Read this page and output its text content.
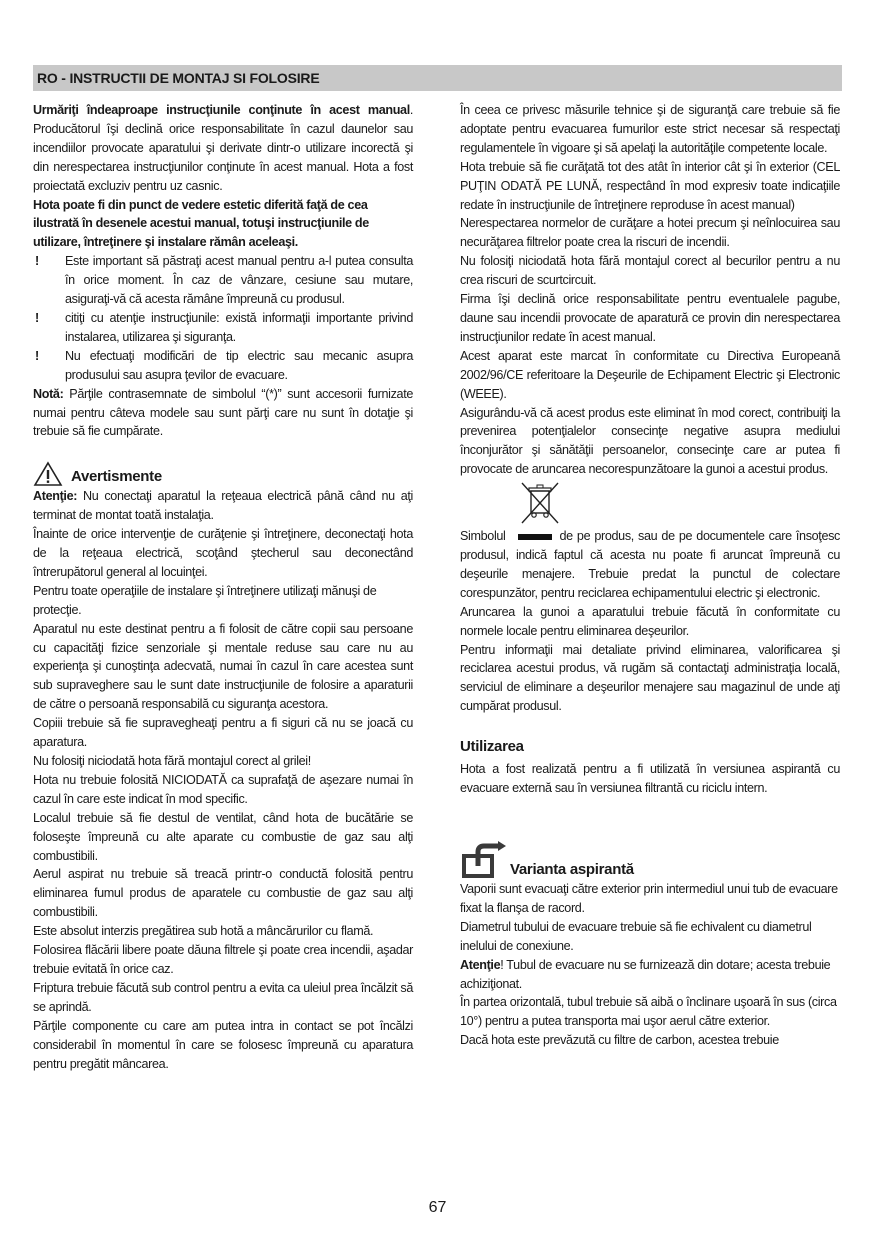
RO - INSTRUCTII DE MONTAJ SI FOLOSIRE

Urmăriţi îndeaproape instrucţiunile conţinute în acest manual. Producătorul îşi declină orice responsabilitate în cazul daunelor sau incendiilor provocate aparatului şi derivate dintr-o utilizare incorectă şi din nerespectarea instrucţiunilor conţinute în acest manual. Hota a fost proiectată excluziv pentru uz casnic.

Hota poate fi din punct de vedere estetic diferită faţă de cea ilustrată în desenele acestui manual, totuşi instrucţiunile de utilizare, întreţinere şi instalare rămân aceleaşi.

! Este important să păstraţi acest manual pentru a-l putea consulta în orice moment. În caz de vânzare, cesiune sau mutare, asiguraţi-vă că acesta rămâne împreună cu produsul.
! citiţi cu atenţie instrucţiunile: există informaţii importante privind instalarea, utilizarea şi siguranţa.
! Nu efectuaţi modificări de tip electric sau mecanic asupra produsului sau asupra ţevilor de evacuare.

Notă: Părţile contrasemnate de simbolul “(*)” sunt accesorii furnizate numai pentru câteva modele sau sunt părţi care nu sunt în dotaţie şi trebuie să fie cumpărate.

Avertismente

Atenţie: Nu conectaţi aparatul la reţeaua electrică până când nu aţi terminat de montat toată instalaţia.

Înainte de orice intervenţie de curăţenie şi întreţinere, deconectaţi hota de la reţeaua electrică, scoţând ştecherul sau deconectând întrerupătorul general al locuinţei.

Pentru toate operaţiile de instalare şi întreţinere utilizaţi mănuşi de protecţie.

Aparatul nu este destinat pentru a fi folosit de către copii sau persoane cu capacităţi fizice senzoriale şi mentale reduse sau care nu au experienţa şi cunoştinţa adecvată, numai în cazul în care acestea sunt sub supraveghere sau le sunt date instrucţiunile de folosire a aparaturii de către o persoană responsabilă cu siguranţa acestora.

Copiii trebuie să fie supravegheaţi pentru a fi siguri că nu se joacă cu aparatura.

Nu folosiţi niciodată hota fără montajul corect al grilei!

Hota nu trebuie folosită NICIODATĂ ca suprafaţă de aşezare numai în cazul în care este indicat în mod specific.

Localul trebuie să fie destul de ventilat, când hota de bucătărie se foloseşte împreună cu alte aparate cu combustie de gaz sau alţi combustibili.

Aerul aspirat nu trebuie să treacă printr-o conductă folosită pentru eliminarea fumul produs de aparatele cu combustie de gaz sau alţi combustibili.

Este absolut interzis pregătirea sub hotă a mâncărurilor cu flamă.

Folosirea flăcării libere poate dăuna filtrele şi poate crea incendii, aşadar trebuie evitată în orice caz.

Friptura trebuie făcută sub control pentru a evita ca uleiul prea încălzit să se aprindă.

Părţile componente cu care am putea intra in contact se pot încălzi considerabil în momentul în care se folosesc împreună cu aparatura pentru pregătit mâncarea.

În ceea ce privesc măsurile tehnice şi de siguranţă care trebuie să fie adoptate pentru evacuarea fumurilor este strict necesar să respectaţi regulamentele în vigoare şi să apelaţi la autorităţile competente locale.

Hota trebuie să fie curăţată tot des atât în interior cât şi în exterior (CEL PUŢIN ODATĂ PE LUNĂ, respectând în mod expresiv toate indicaţiile redate în instrucţiunile de întreţinere reproduse în acest manual)

Nerespectarea normelor de curăţare a hotei precum şi neînlocuirea sau necurăţarea filtrelor poate crea la riscuri de incendii.

Nu folosiţi niciodată hota fără montajul corect al becurilor pentru a nu crea riscuri de scurtcircuit.

Firma îşi declină orice responsabilitate pentru eventualele pagube, daune sau incendii provocate de aparatură ce provin din nerespectarea instrucţiunilor redate în acest manual.

Acest aparat este marcat în conformitate cu Directiva Europeană 2002/96/CE referitoare la Deşeurile de Echipament Electric şi Electronic (WEEE).

Asigurându-vă că acest produs este eliminat în mod corect, contribuiţi la prevenirea potenţialelor consecinţe negative asupra mediului înconjurător şi sănătăţii persoanelor, consecinţe care ar putea fi provocate de aruncarea necorespunzătoare la gunoi a acestui produs.

Simbolul	de pe produs, sau de pe documentele care însoţesc produsul, indică faptul că acesta nu poate fi aruncat împreună cu deşeurile menajere. Trebuie predat la punctul de colectare corespunzător, pentru reciclarea echipamentului electric şi electronic.

Aruncarea la gunoi a aparatului trebuie făcută în conformitate cu normele locale pentru eliminarea deşeurilor.

Pentru informaţii mai detaliate privind eliminarea, valorificarea şi reciclarea acestui produs, vă rugăm să contactaţi administraţia locală, serviciul de eliminare a deşeurilor menajere sau magazinul de unde aţi cumpărat produsul.

Utilizarea

Hota a fost realizată pentru a fi utilizată în versiunea aspirantă cu evacuare externă sau în versiunea filtrantă cu riciclu intern.

Varianta aspirantă

Vaporii sunt evacuaţi către exterior prin intermediul unui tub de evacuare fixat la flanşa de racord.

Diametrul tubului de evacuare trebuie să fie echivalent cu diametrul inelului de conexiune.

Atenţie! Tubul de evacuare nu se furnizează din dotare; acesta trebuie achiziţionat.

În partea orizontală, tubul trebuie să aibă o înclinare uşoară în sus (circa 10°) pentru a putea transporta mai uşor aerul către exterior.

Dacă hota este prevăzută cu filtre de carbon, acestea trebuie

67
